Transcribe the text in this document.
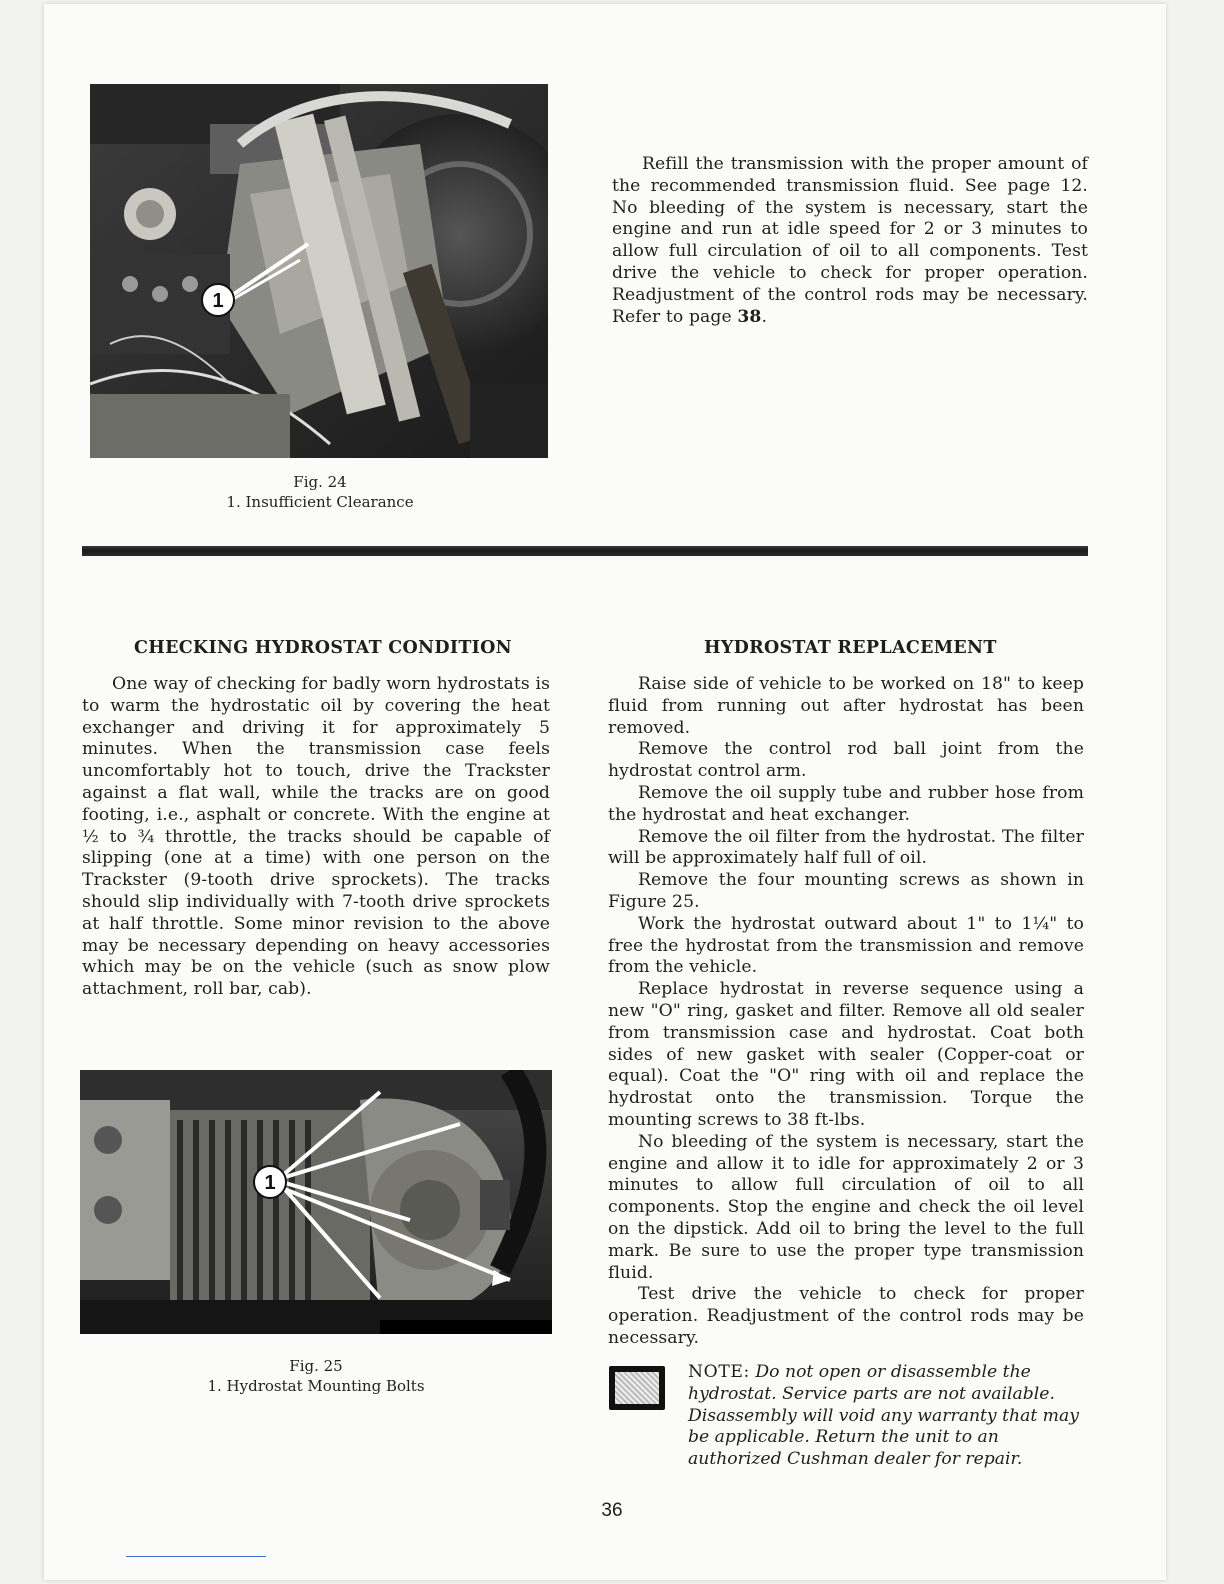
1
Fig. 24
1. Insufficient Clearance

Refill the transmission with the proper amount of the recommended transmission fluid. See page 12. No bleeding of the system is necessary, start the engine and run at idle speed for 2 or 3 minutes to allow full circulation of oil to all components. Test drive the vehicle to check for proper operation. Readjustment of the control rods may be necessary. Refer to page 38.

CHECKING HYDROSTAT CONDITION

One way of checking for badly worn hydrostats is to warm the hydrostatic oil by covering the heat exchanger and driving it for approximately 5 minutes. When the transmission case feels uncomfortably hot to touch, drive the Trackster against a flat wall, while the tracks are on good footing, i.e., asphalt or concrete. With the engine at ½ to ¾ throttle, the tracks should be capable of slipping (one at a time) with one person on the Trackster (9-tooth drive sprockets). The tracks should slip individually with 7-tooth drive sprockets at half throttle. Some minor revision to the above may be necessary depending on heavy accessories which may be on the vehicle (such as snow plow attachment, roll bar, cab).

1
Fig. 25
1. Hydrostat Mounting Bolts
HYDROSTAT REPLACEMENT

Raise side of vehicle to be worked on 18" to keep fluid from running out after hydrostat has been removed.

Remove the control rod ball joint from the hydrostat control arm.

Remove the oil supply tube and rubber hose from the hydrostat and heat exchanger.

Remove the oil filter from the hydrostat. The filter will be approximately half full of oil.

Remove the four mounting screws as shown in Figure 25.

Work the hydrostat outward about 1" to 1¼" to free the hydrostat from the transmission and remove from the vehicle.

Replace hydrostat in reverse sequence using a new "O" ring, gasket and filter. Remove all old sealer from transmission case and hydrostat. Coat both sides of new gasket with sealer (Copper-coat or equal). Coat the "O" ring with oil and replace the hydrostat onto the transmission. Torque the mounting screws to 38 ft-lbs.

No bleeding of the system is necessary, start the engine and allow it to idle for approximately 2 or 3 minutes to allow full circulation of oil to all components. Stop the engine and check the oil level on the dipstick. Add oil to bring the level to the full mark. Be sure to use the proper type transmission fluid.

Test drive the vehicle to check for proper operation. Readjustment of the control rods may be necessary.

NOTE: Do not open or disassemble the hydrostat. Service parts are not available. Disassembly will void any warranty that may be applicable. Return the unit to an authorized Cushman dealer for repair.
36
